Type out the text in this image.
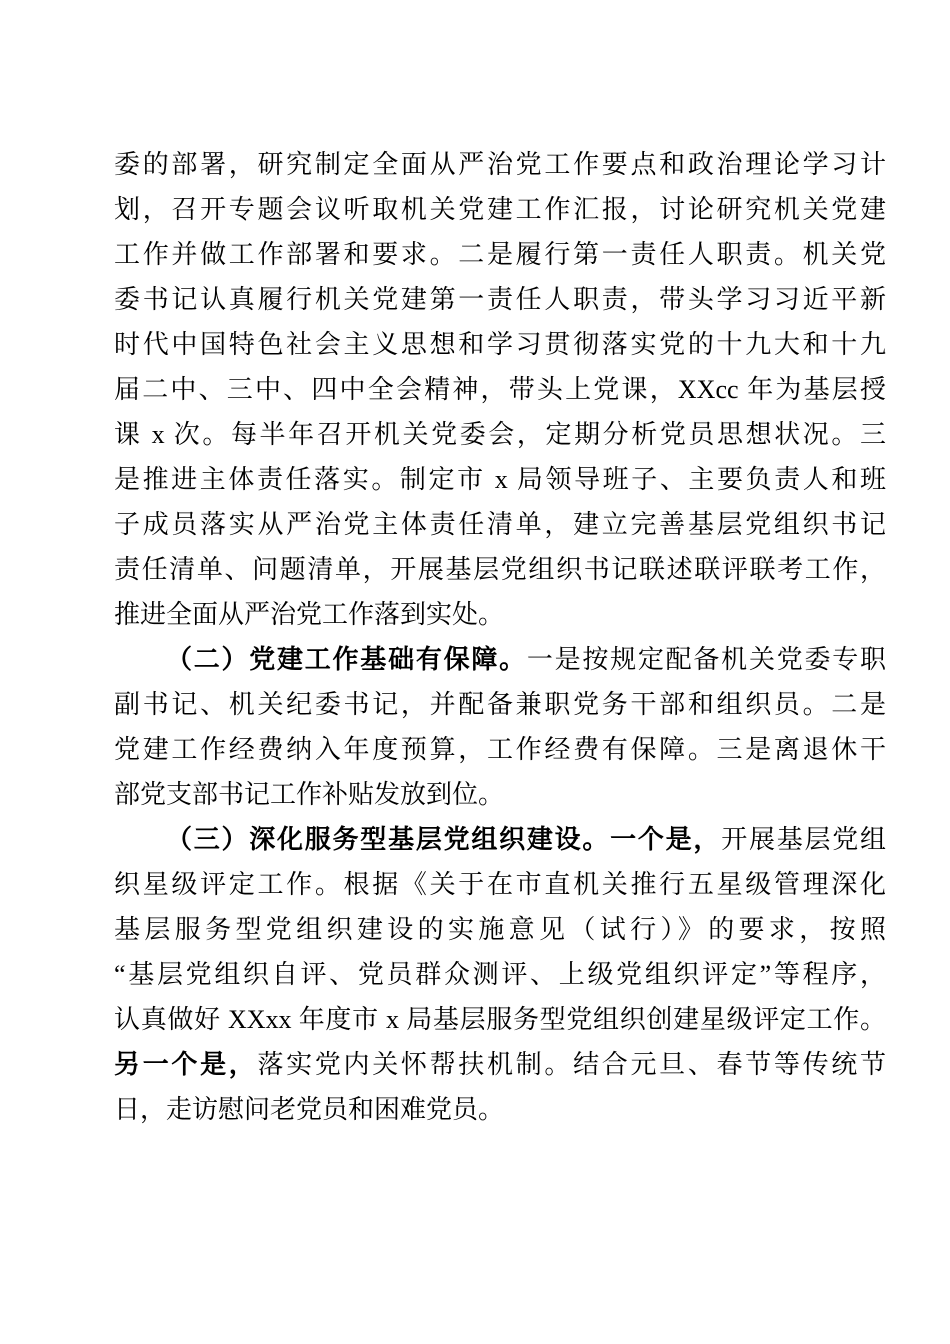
委的部署，研究制定全面从严治党工作要点和政治理论学习计
划，召开专题会议听取机关党建工作汇报，讨论研究机关党建
工作并做工作部署和要求。二是履行第一责任人职责。机关党
委书记认真履行机关党建第一责任人职责，带头学习习近平新
时代中国特色社会主义思想和学习贯彻落实党的十九大和十九
届二中、三中、四中全会精神，带头上党课，XXcc 年为基层授
课 x 次。每半年召开机关党委会，定期分析党员思想状况。三
是推进主体责任落实。制定市 x 局领导班子、主要负责人和班
子成员落实从严治党主体责任清单，建立完善基层党组织书记
责任清单、问题清单，开展基层党组织书记联述联评联考工作，
推进全面从严治党工作落到实处。
（二）党建工作基础有保障。一是按规定配备机关党委专职
副书记、机关纪委书记，并配备兼职党务干部和组织员。二是
党建工作经费纳入年度预算，工作经费有保障。三是离退休干
部党支部书记工作补贴发放到位。
（三）深化服务型基层党组织建设。一个是，开展基层党组
织星级评定工作。根据《关于在市直机关推行五星级管理深化
基层服务型党组织建设的实施意见（试行）》的要求，按照
“基层党组织自评、党员群众测评、上级党组织评定”等程序，
认真做好 XXxx 年度市 x 局基层服务型党组织创建星级评定工作。
另一个是，落实党内关怀帮扶机制。结合元旦、春节等传统节
日，走访慰问老党员和困难党员。
